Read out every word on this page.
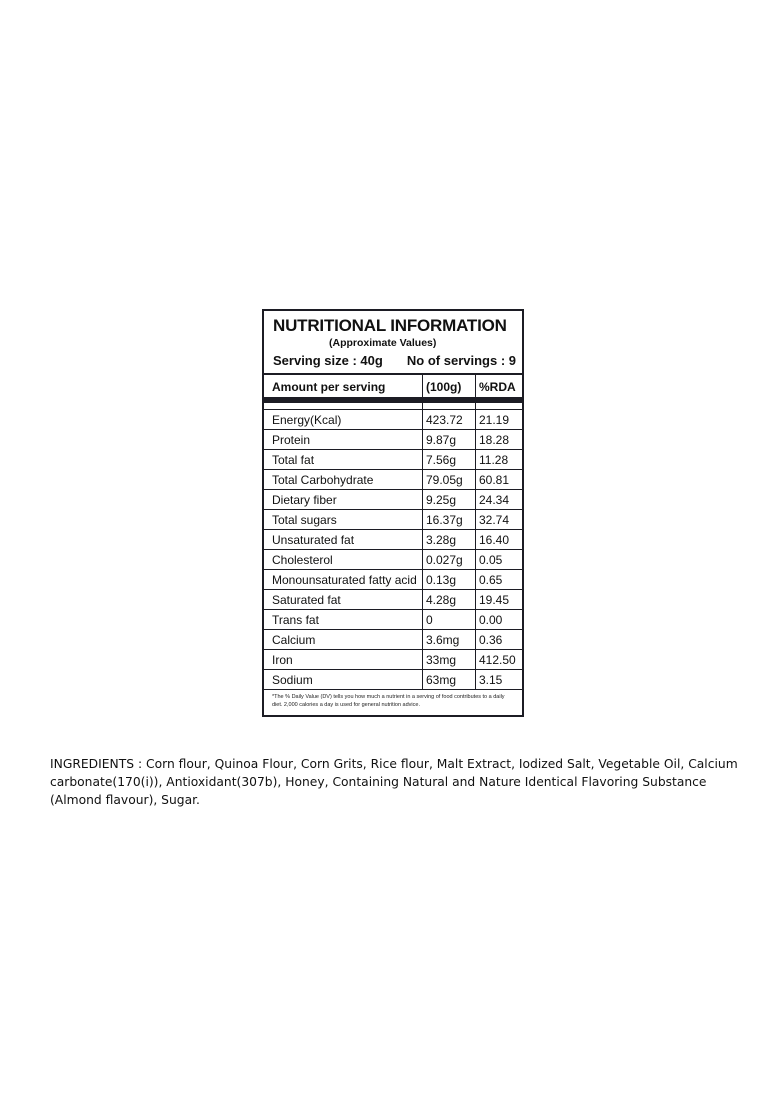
NUTRITIONAL INFORMATION
(Approximate Values)
Serving size : 40g No of servings : 9
Amount per serving	(100g)	%RDA
Energy(Kcal)	423.72	21.19
Protein	9.87g	18.28
Total fat	7.56g	11.28
Total Carbohydrate	79.05g	60.81
Dietary fiber	9.25g	24.34
Total sugars	16.37g	32.74
Unsaturated fat	3.28g	16.40
Cholesterol	0.027g	0.05
Monounsaturated fatty acid 0.13g	0.65
Saturated fat	4.28g	19.45
Trans fat	0	0.00
Calcium	3.6mg	0.36
Iron	33mg	412.50
Sodium	63mg	3.15
*The % Daily Value (DV) tells you how much a nutrient in a serving of food contributes to a daily diet. 2,000 calories a day is used for general nutrition advice.
INGREDIENTS : Corn flour, Quinoa Flour, Corn Grits, Rice flour, Malt Extract, Iodized Salt, Vegetable Oil, Calcium carbonate(170(i)), Antioxidant(307b), Honey, Containing Natural and Nature Identical Flavoring Substance (Almond flavour), Sugar.
